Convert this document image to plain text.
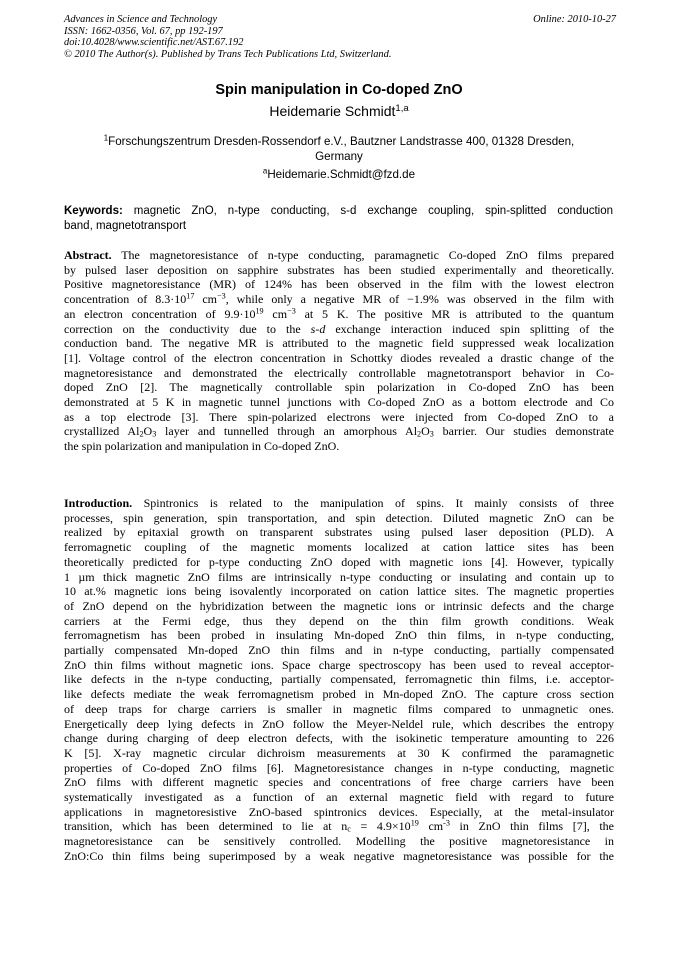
Advances in Science and Technology
ISSN: 1662-0356, Vol. 67, pp 192-197
doi:10.4028/www.scientific.net/AST.67.192
© 2010 The Author(s). Published by Trans Tech Publications Ltd, Switzerland.
Online: 2010-10-27
Spin manipulation in Co-doped ZnO
Heidemarie Schmidt$^{1,a}$
$^1$Forschungszentrum Dresden-Rossendorf e.V., Bautzner Landstrasse 400, 01328 Dresden,
Germany
$^a$Heidemarie.Schmidt@fzd.de
Keywords: magnetic ZnO, n-type conducting, s-d exchange coupling, spin-splitted conduction
band, magnetotransport
Abstract. The magnetoresistance of n-type conducting, paramagnetic Co-doped ZnO films prepared
by pulsed laser deposition on sapphire substrates has been studied experimentally and theoretically.
Positive magnetoresistance (MR) of 124% has been observed in the film with the lowest electron
concentration of $8.3\cdot 10^{17}$ $cm^{-3}$, while only a negative MR of −1.9% was observed in the film with
an electron concentration of $9.9\cdot 10^{19}$ $cm^{-3}$ at 5 K. The positive MR is attributed to the quantum
correction on the conductivity due to the s-d exchange interaction induced spin splitting of the
conduction band. The negative MR is attributed to the magnetic field suppressed weak localization
[1]. Voltage control of the electron concentration in Schottky diodes revealed a drastic change of the
magnetoresistance and demonstrated the electrically controllable magnetotransport behavior in Co-
doped ZnO [2]. The magnetically controllable spin polarization in Co-doped ZnO has been
demonstrated at 5 K in magnetic tunnel junctions with Co-doped ZnO as a bottom electrode and Co
as a top electrode [3]. There spin-polarized electrons were injected from Co-doped ZnO to a
crystallized $Al_2O_3$ layer and tunnelled through an amorphous $Al_2O_3$ barrier. Our studies demonstrate
the spin polarization and manipulation in Co-doped ZnO.
Introduction. Spintronics is related to the manipulation of spins. It mainly consists of three
processes, spin generation, spin transportation, and spin detection. Diluted magnetic ZnO can be
realized by epitaxial growth on transparent substrates using pulsed laser deposition (PLD). A
ferromagnetic coupling of the magnetic moments localized at cation lattice sites has been
theoretically predicted for p-type conducting ZnO doped with magnetic ions [4]. However, typically
1 µm thick magnetic ZnO films are intrinsically n-type conducting or insulating and contain up to
10 at.% magnetic ions being isovalently incorporated on cation lattice sites. The magnetic properties
of ZnO depend on the hybridization between the magnetic ions or intrinsic defects and the charge
carriers at the Fermi edge, thus they depend on the thin film growth conditions. Weak
ferromagnetism has been probed in insulating Mn-doped ZnO thin films, in n-type conducting,
partially compensated Mn-doped ZnO thin films and in n-type conducting, partially compensated
ZnO thin films without magnetic ions. Space charge spectroscopy has been used to reveal acceptor-
like defects in the n-type conducting, partially compensated, ferromagnetic thin films, i.e. acceptor-
like defects mediate the weak ferromagnetism probed in Mn-doped ZnO. The capture cross section
of deep traps for charge carriers is smaller in magnetic films compared to unmagnetic ones.
Energetically deep lying defects in ZnO follow the Meyer-Neldel rule, which describes the entropy
change during charging of deep electron defects, with the isokinetic temperature amounting to 226
K [5]. X-ray magnetic circular dichroism measurements at 30 K confirmed the paramagnetic
properties of Co-doped ZnO films [6]. Magnetoresistance changes in n-type conducting, magnetic
ZnO films with different magnetic species and concentrations of free charge carriers have been
systematically investigated as a function of an external magnetic field with regard to future
applications in magnetoresistive ZnO-based spintronics devices. Especially, at the metal-insulator
transition, which has been determined to lie at $n_c = 4.9\times 10^{19}$ $cm^{-3}$ in ZnO thin films [7], the
magnetoresistance can be sensitively controlled. Modelling the positive magnetoresistance in
ZnO:Co thin films being superimposed by a weak negative magnetoresistance was possible for the
